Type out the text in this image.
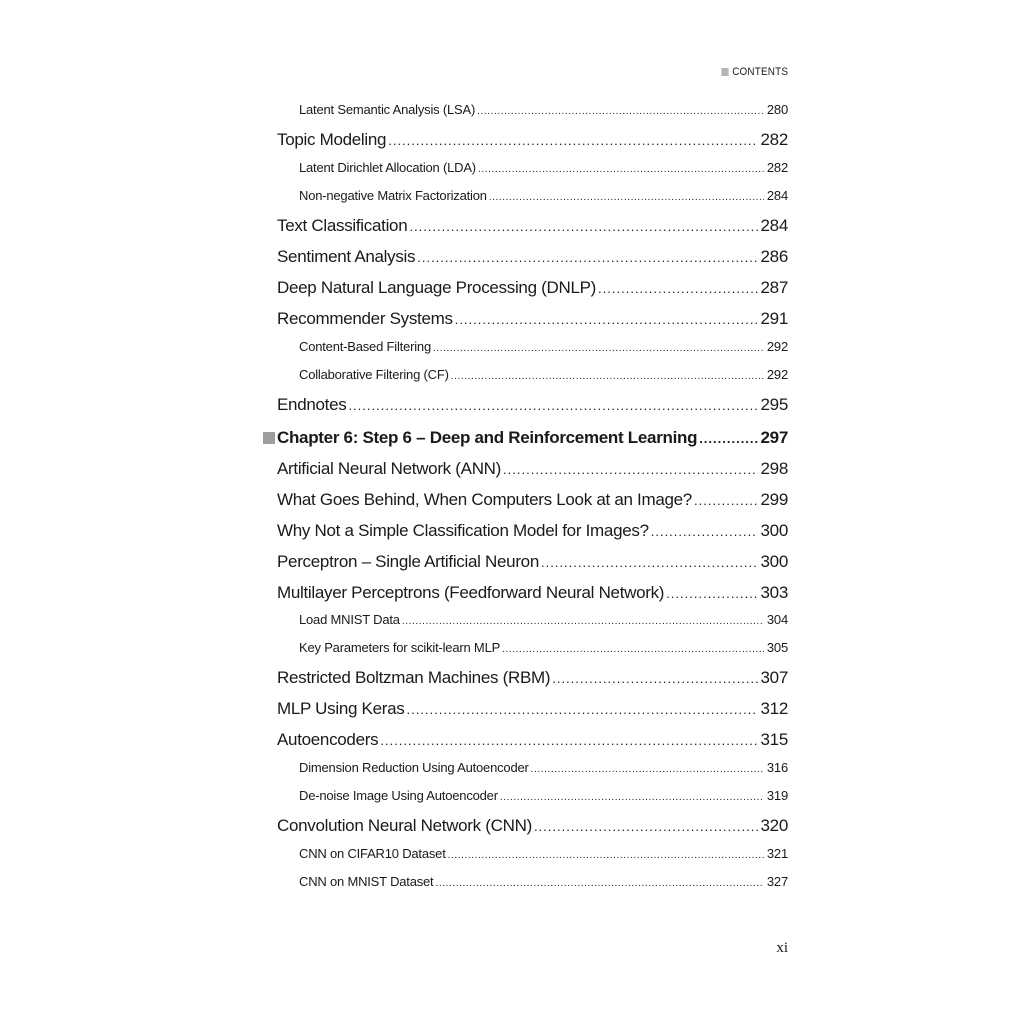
CONTENTS
Latent Semantic Analysis (LSA) .....	280
Topic Modeling .....	282
Latent Dirichlet Allocation (LDA) .....	282
Non-negative Matrix Factorization .....	284
Text Classification .....	284
Sentiment Analysis .....	286
Deep Natural Language Processing (DNLP) .....	287
Recommender Systems .....	291
Content-Based Filtering .....	292
Collaborative Filtering (CF) .....	292
Endnotes .....	295
Chapter 6: Step 6 – Deep and Reinforcement Learning .....	297
Artificial Neural Network (ANN) .....	298
What Goes Behind, When Computers Look at an Image? .....	299
Why Not a Simple Classification Model for Images? .....	300
Perceptron – Single Artificial Neuron .....	300
Multilayer Perceptrons (Feedforward Neural Network) .....	303
Load MNIST Data .....	304
Key Parameters for scikit-learn MLP .....	305
Restricted Boltzman Machines (RBM) .....	307
MLP Using Keras .....	312
Autoencoders .....	315
Dimension Reduction Using Autoencoder .....	316
De-noise Image Using Autoencoder .....	319
Convolution Neural Network (CNN) .....	320
CNN on CIFAR10 Dataset .....	321
CNN on MNIST Dataset .....	327
xi
